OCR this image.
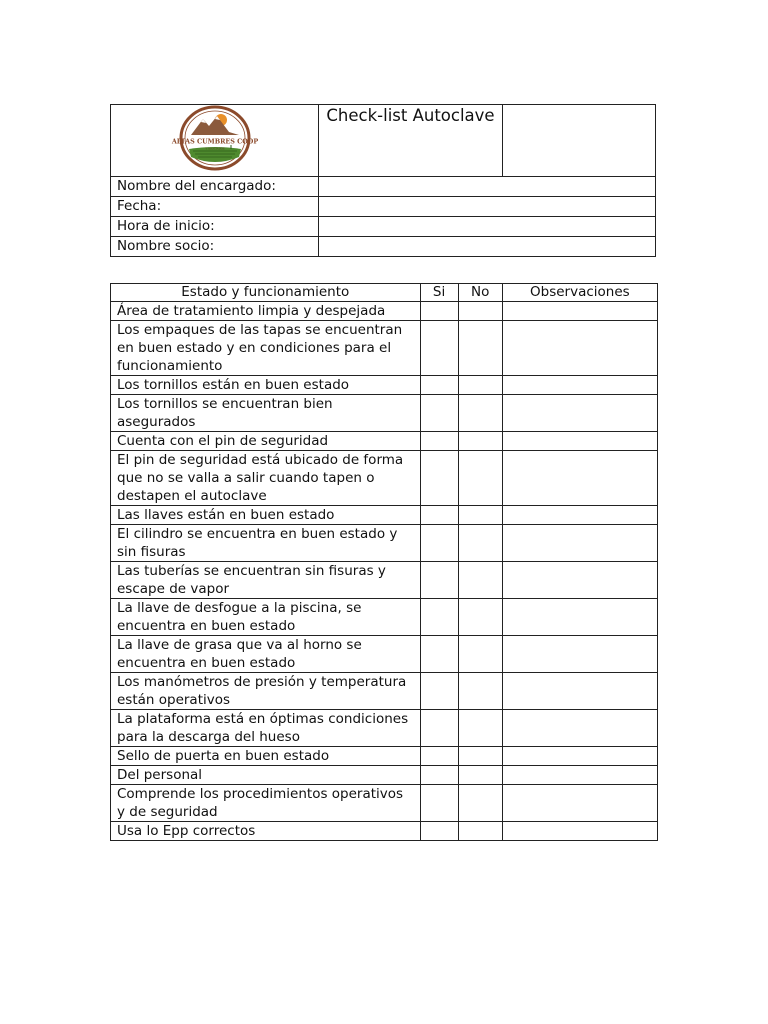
ALTAS CUMBRES COOP
Y ASOCIADOS	Check-list Autoclave	
Nombre del encargado:		
Fecha:		
Hora de inicio:		
Nombre socio:		
Estado y funcionamiento	Si	No	Observaciones
Área de tratamiento limpia y despejada			
Los empaques de las tapas se encuentran en buen estado y en condiciones para el funcionamiento			
Los tornillos están en buen estado			
Los tornillos se encuentran bien asegurados			
Cuenta con el pin de seguridad			
El pin de seguridad está ubicado de forma que no se valla a salir cuando tapen o destapen el autoclave			
Las llaves están en buen estado			
El cilindro se encuentra en buen estado y sin fisuras			
Las tuberías se encuentran sin fisuras y escape de vapor			
La llave de desfogue a la piscina, se encuentra en buen estado			
La llave de grasa que va al horno se encuentra en buen estado			
Los manómetros de presión y temperatura están operativos			
La plataforma está en óptimas condiciones para la descarga del hueso			
Sello de puerta en buen estado			
Del personal			
Comprende los procedimientos operativos y de seguridad			
Usa lo Epp correctos			
